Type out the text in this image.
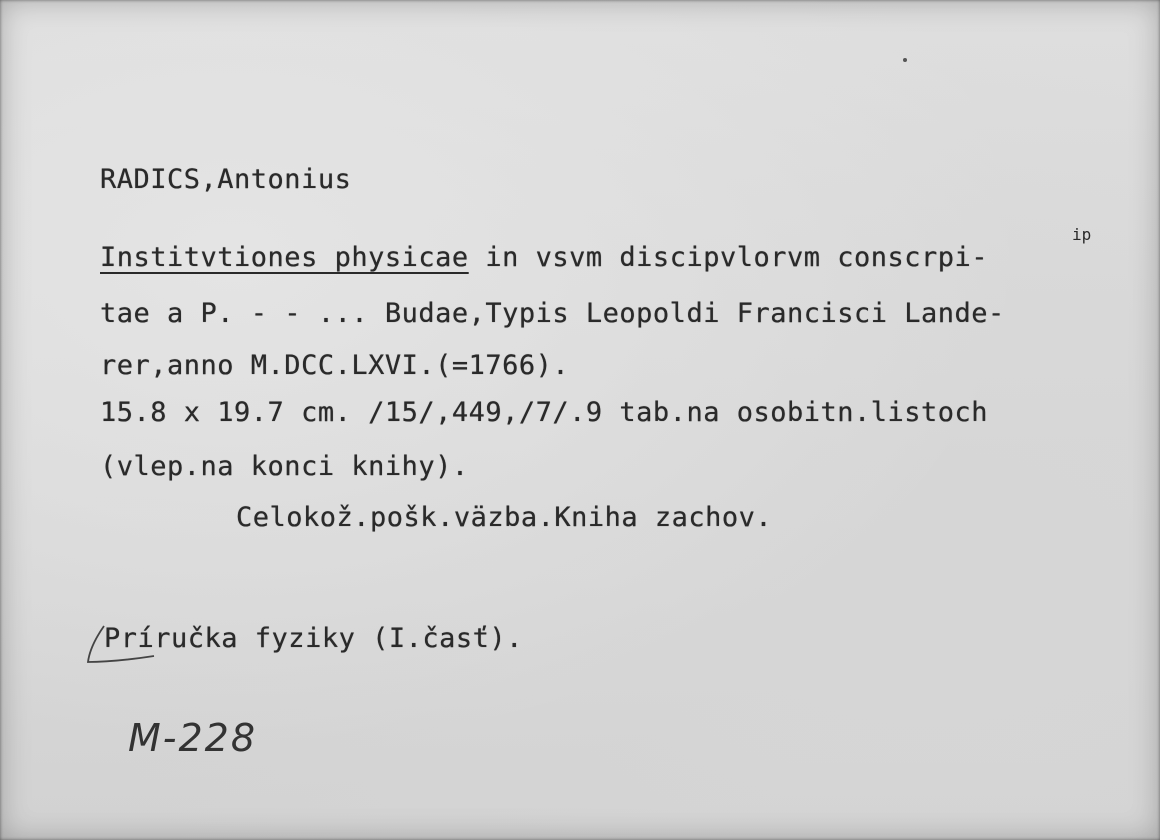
RADICS,Antonius
Institvtiones physicae in vsvm discipvlorvm conscrpi-
ip
tae a P. - - ... Budae,Typis Leopoldi Francisci Lande-
rer,anno M.DCC.LXVI.(=1766).
15.8 x 19.7 cm. /15/,449,/7/.9 tab.na osobitn.listoch
(vlep.na konci knihy).
Celokož.pošk.väzba.Kniha zachov.
Príručka fyziky (I.časť).
M-228
